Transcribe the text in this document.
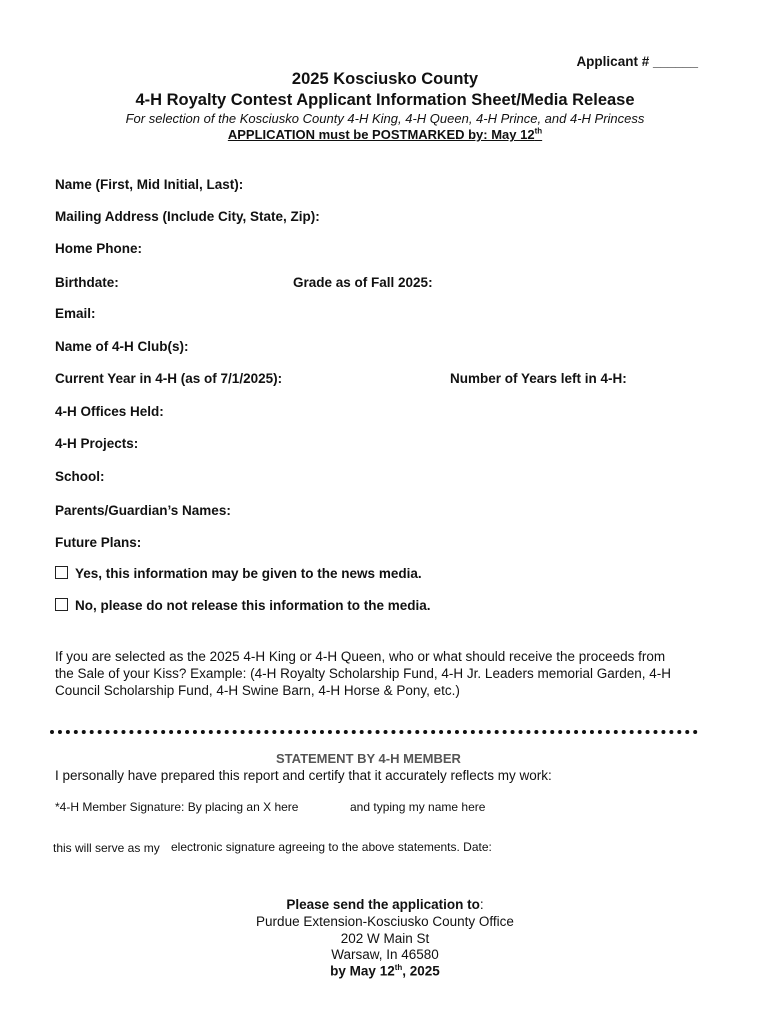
Applicant # ______
2025 Kosciusko County
4-H Royalty Contest Applicant Information Sheet/Media Release
For selection of the Kosciusko County 4-H King, 4-H Queen, 4-H Prince, and 4-H Princess
APPLICATION must be POSTMARKED by: May 12th
Name (First, Mid Initial, Last):
Mailing Address (Include City, State, Zip):
Home Phone:
Birthdate:	Grade as of Fall 2025:
Email:
Name of 4-H Club(s):
Current Year in 4-H (as of 7/1/2025):	Number of Years left in 4-H:
4-H Offices Held:
4-H Projects:
School:
Parents/Guardian’s Names:
Future Plans:
Yes, this information may be given to the news media.
No, please do not release this information to the media.
If you are selected as the 2025 4-H King or 4-H Queen, who or what should receive the proceeds from
the Sale of your Kiss? Example: (4-H Royalty Scholarship Fund, 4-H Jr. Leaders memorial Garden, 4-H
Council Scholarship Fund, 4-H Swine Barn, 4-H Horse & Pony, etc.)
STATEMENT BY 4-H MEMBER
I personally have prepared this report and certify that it accurately reflects my work:
*4-H Member Signature: By placing an X here	and typing my name here
this will serve as my electronic signature agreeing to the above statements. Date:
Please send the application to:
Purdue Extension-Kosciusko County Office
202 W Main St
Warsaw, In 46580
by May 12th, 2025
